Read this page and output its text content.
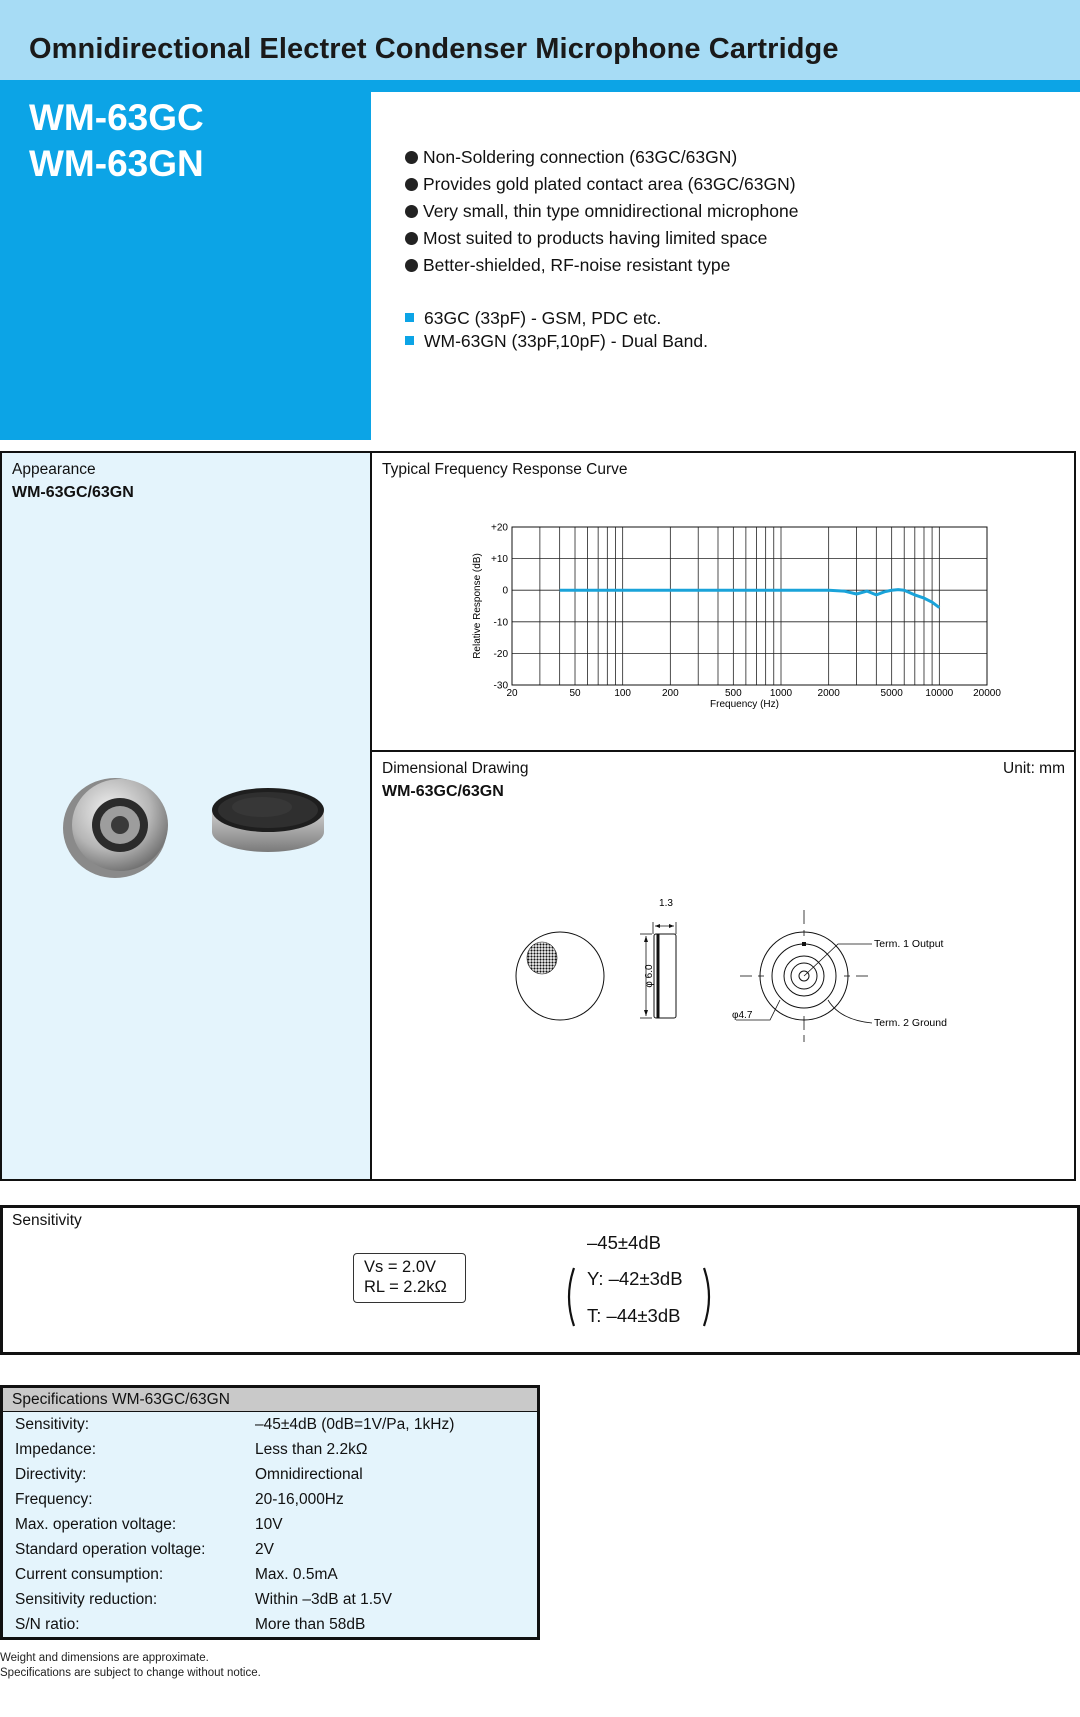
Omnidirectional Electret Condenser Microphone Cartridge
WM-63GC
WM-63GN	Non-Soldering connection (63GC/63GN)
Provides gold plated contact area (63GC/63GN)
Very small, thin type omnidirectional microphone
Most suited to products having limited space
Better-shielded, RF-noise resistant type
63GC (33pF) - GSM, PDC etc.
WM-63GN (33pF,10pF) - Dual Band.
Appearance
WM-63GC/63GN
Typical Frequency Response Curve
+20
+10
0
-10
-20
-30
20	50	100	200	500	1000	2000	5000 10000 20000
Frequency (Hz)
Relative Response (dB)
Dimensional Drawing
WM-63GC/63GN
Unit: mm
1.3
φ 6.0
Term. 1 Output
Term. 2 Ground
φ4.7
Sensitivity
Vs = 2.0V
RL = 2.2kΩ
–45±4dB
Y: –42±3dB
T: –44±3dB
Specifications WM-63GC/63GN
Sensitivity:	–45±4dB (0dB=1V/Pa, 1kHz)
Impedance:	Less than 2.2kΩ
Directivity:	Omnidirectional
Frequency:	20-16,000Hz
Max. operation voltage:	10V
Standard operation voltage:	2V
Current consumption:	Max. 0.5mA
Sensitivity reduction:	Within –3dB at 1.5V
S/N ratio:	More than 58dB
Weight and dimensions are approximate.
Specifications are subject to change without notice.
